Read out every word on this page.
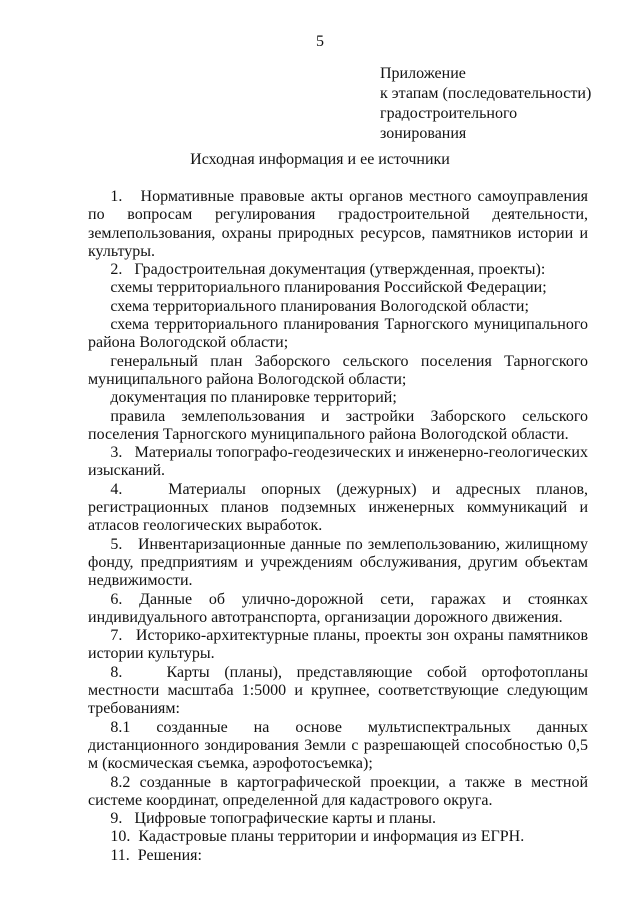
5
Приложение
к этапам (последовательности)
градостроительного
зонирования
Исходная информация и ее источники

1.   Нормативные правовые акты органов местного самоуправления по вопросам регулирования градостроительной деятельности, землепользования, охраны природных ресурсов, памятников истории и культуры.

2.   Градостроительная документация (утвержденная, проекты):

схемы территориального планирования Российской Федерации;

схема территориального планирования Вологодской области;

схема территориального планирования Тарногского муниципального района Вологодской области;

генеральный план Заборского сельского поселения Тарногского муниципального района Вологодской области;

документация по планировке территорий;

правила землепользования и застройки Заборского сельского поселения Тарногского муниципального района Вологодской области.

3.   Материалы топографо-геодезических и инженерно-геологических изысканий.

4.   Материалы опорных (дежурных) и адресных планов, регистрационных планов подземных инженерных коммуникаций и атласов геологических выработок.

5.   Инвентаризационные данные по землепользованию, жилищному фонду, предприятиям и учреждениям обслуживания, другим объектам недвижимости.

6. Данные об улично-дорожной сети, гаражах и стоянках индивидуального автотранспорта, организации дорожного движения.

7.   Историко-архитектурные планы, проекты зон охраны памятников истории культуры.

8.   Карты (планы), представляющие собой ортофотопланы местности масштаба 1:5000 и крупнее, соответствующие следующим требованиям:

8.1 созданные на основе мультиспектральных данных дистанционного зондирования Земли с разрешающей способностью 0,5 м (космическая съемка, аэрофотосъемка);

8.2 созданные в картографической проекции, а также в местной системе координат, определенной для кадастрового округа.

9.   Цифровые топографические карты и планы.

10.  Кадастровые планы территории и информация из ЕГРН.

11.  Решения:
